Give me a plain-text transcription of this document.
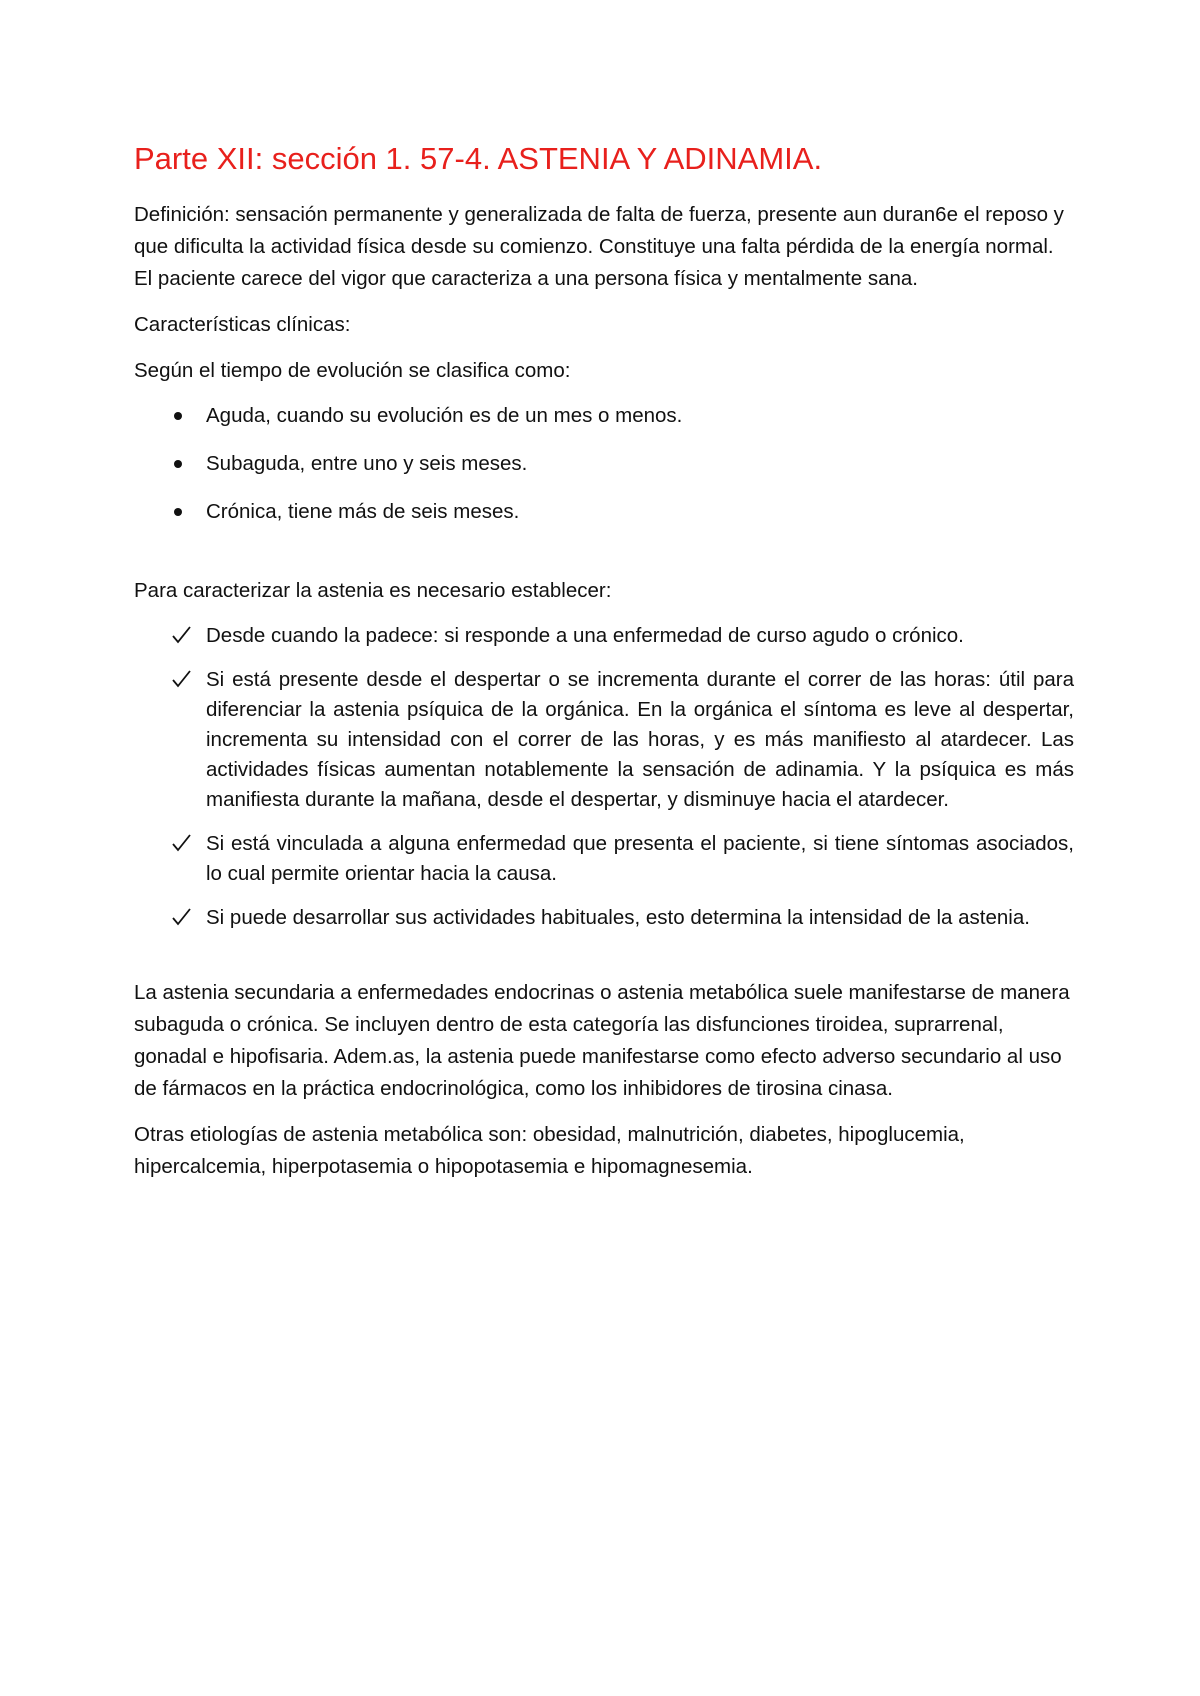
Parte XII: sección 1. 57-4. ASTENIA Y ADINAMIA.

Definición: sensación permanente y generalizada de falta de fuerza, presente aun duran6e el reposo y que dificulta la actividad física desde su comienzo. Constituye una falta pérdida de la energía normal. El paciente carece del vigor que caracteriza a una persona física y mentalmente sana.

Características clínicas:

Según el tiempo de evolución se clasifica como:

Aguda, cuando su evolución es de un mes o menos.
Subaguda, entre uno y seis meses.
Crónica, tiene más de seis meses.

Para caracterizar la astenia es necesario establecer:

Desde cuando la padece: si responde a una enfermedad de curso agudo o crónico.
Si está presente desde el despertar o se incrementa durante el correr de las horas: útil para diferenciar la astenia psíquica de la orgánica. En la orgánica el síntoma es leve al despertar, incrementa su intensidad con el correr de las horas, y es más manifiesto al atardecer. Las actividades físicas aumentan notablemente la sensación de adinamia. Y la psíquica es más manifiesta durante la mañana, desde el despertar, y disminuye hacia el atardecer.
Si está vinculada a alguna enfermedad que presenta el paciente, si tiene síntomas asociados, lo cual permite orientar hacia la causa.
Si puede desarrollar sus actividades habituales, esto determina la intensidad de la astenia.

La astenia secundaria a enfermedades endocrinas o astenia metabólica suele manifestarse de manera subaguda o crónica. Se incluyen dentro de esta categoría las disfunciones tiroidea, suprarrenal, gonadal e hipofisaria. Adem.as, la astenia puede manifestarse como efecto adverso secundario al uso de fármacos en la práctica endocrinológica, como los inhibidores de tirosina cinasa.

Otras etiologías de astenia metabólica son: obesidad, malnutrición, diabetes, hipoglucemia, hipercalcemia, hiperpotasemia o hipopotasemia e hipomagnesemia.
